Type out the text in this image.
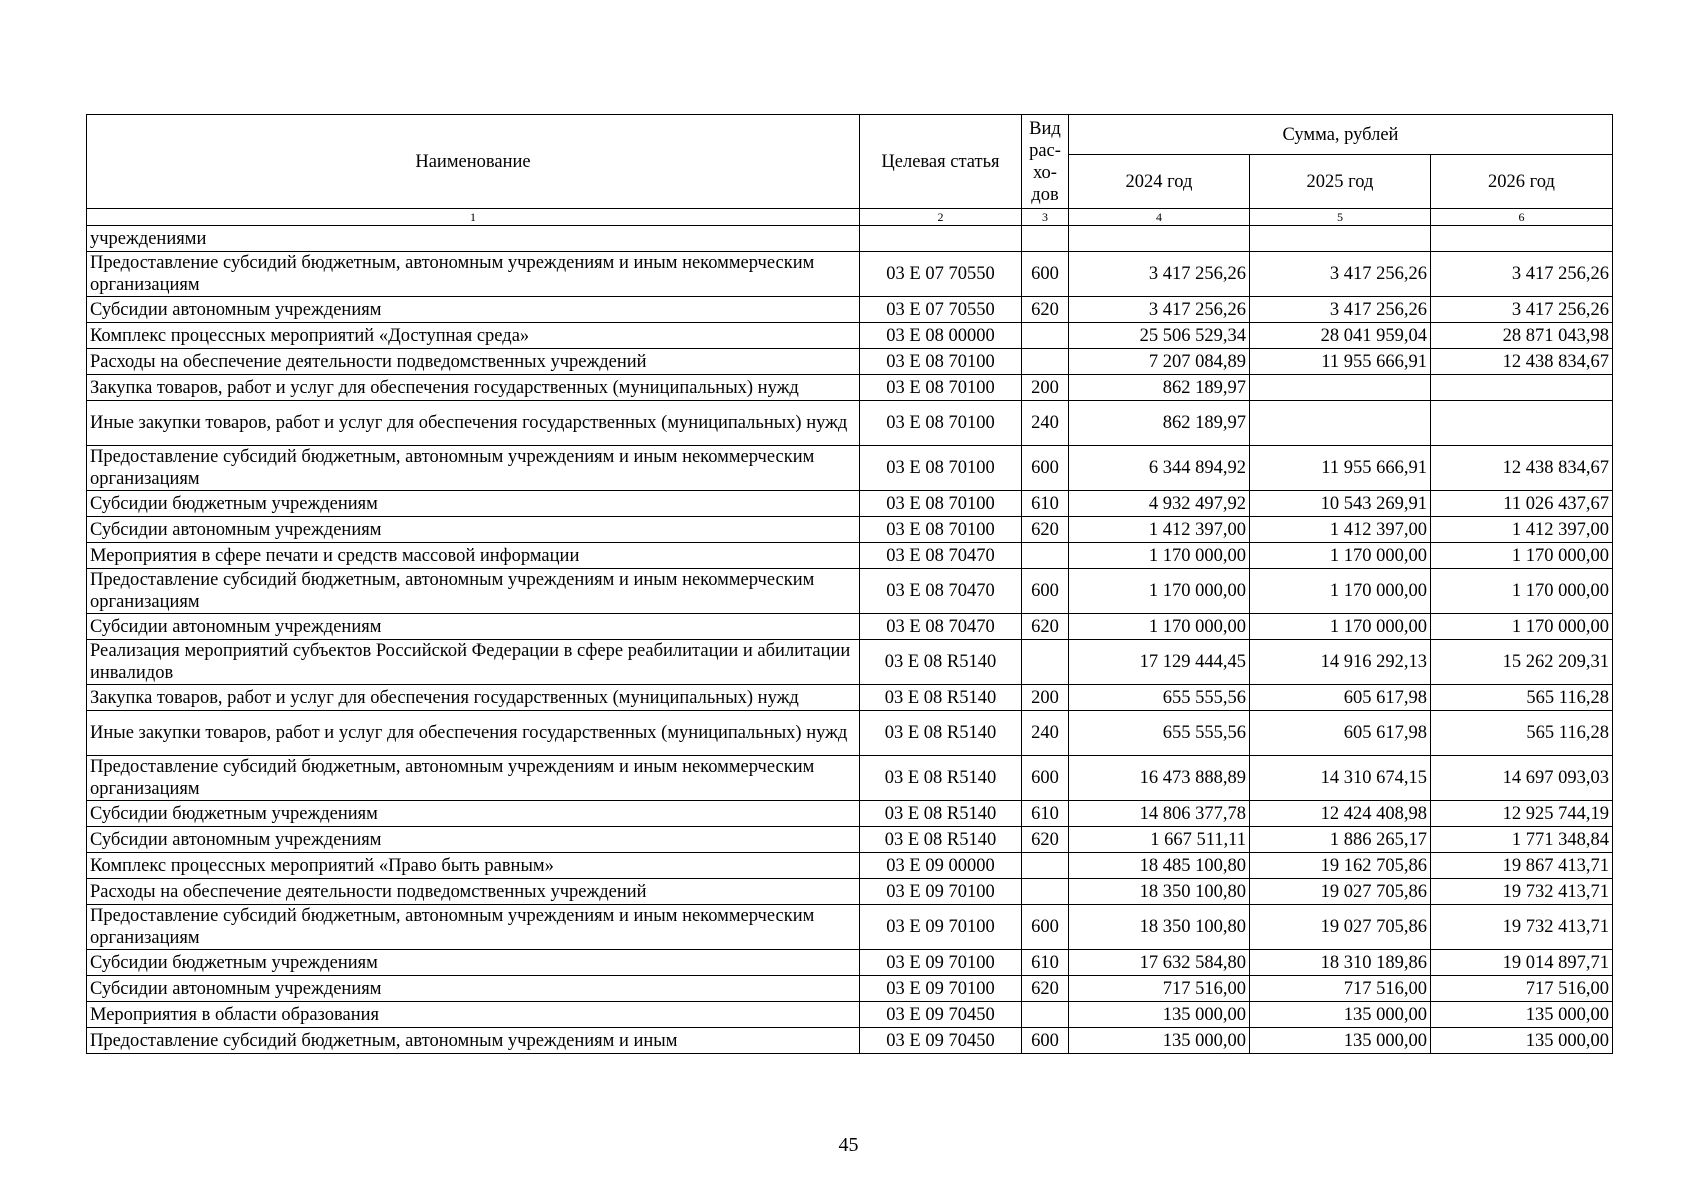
Наименование	Целевая статья	Вид рас-хо-дов	Сумма, рублей		
			2024 год	2025 год	2026 год
1	2	3	4	5	6
учреждениями					
Предоставление субсидий бюджетным, автономным учреждениям и иным некоммерческим организациям	03 Е 07 70550	600	3 417 256,26	3 417 256,26	3 417 256,26
Субсидии автономным учреждениям	03 Е 07 70550	620	3 417 256,26	3 417 256,26	3 417 256,26
Комплекс процессных мероприятий «Доступная среда»	03 Е 08 00000		25 506 529,34	28 041 959,04	28 871 043,98
Расходы на обеспечение деятельности подведомственных учреждений	03 Е 08 70100		7 207 084,89	11 955 666,91	12 438 834,67
Закупка товаров, работ и услуг для обеспечения государственных (муниципальных) нужд	03 Е 08 70100	200	862 189,97		
Иные закупки товаров, работ и услуг для обеспечения государственных (муниципальных) нужд	03 Е 08 70100	240	862 189,97		
Предоставление субсидий бюджетным, автономным учреждениям и иным некоммерческим организациям	03 Е 08 70100	600	6 344 894,92	11 955 666,91	12 438 834,67
Субсидии бюджетным учреждениям	03 Е 08 70100	610	4 932 497,92	10 543 269,91	11 026 437,67
Субсидии автономным учреждениям	03 Е 08 70100	620	1 412 397,00	1 412 397,00	1 412 397,00
Мероприятия в сфере печати и средств массовой информации	03 Е 08 70470		1 170 000,00	1 170 000,00	1 170 000,00
Предоставление субсидий бюджетным, автономным учреждениям и иным некоммерческим организациям	03 Е 08 70470	600	1 170 000,00	1 170 000,00	1 170 000,00
Субсидии автономным учреждениям	03 Е 08 70470	620	1 170 000,00	1 170 000,00	1 170 000,00
Реализация мероприятий субъектов Российской Федерации в сфере реабилитации и абилитации инвалидов	03 Е 08 R5140		17 129 444,45	14 916 292,13	15 262 209,31
Закупка товаров, работ и услуг для обеспечения государственных (муниципальных) нужд	03 Е 08 R5140	200	655 555,56	605 617,98	565 116,28
Иные закупки товаров, работ и услуг для обеспечения государственных (муниципальных) нужд	03 Е 08 R5140	240	655 555,56	605 617,98	565 116,28
Предоставление субсидий бюджетным, автономным учреждениям и иным некоммерческим организациям	03 Е 08 R5140	600	16 473 888,89	14 310 674,15	14 697 093,03
Субсидии бюджетным учреждениям	03 Е 08 R5140	610	14 806 377,78	12 424 408,98	12 925 744,19
Субсидии автономным учреждениям	03 Е 08 R5140	620	1 667 511,11	1 886 265,17	1 771 348,84
Комплекс процессных мероприятий «Право быть равным»	03 Е 09 00000		18 485 100,80	19 162 705,86	19 867 413,71
Расходы на обеспечение деятельности подведомственных учреждений	03 Е 09 70100		18 350 100,80	19 027 705,86	19 732 413,71
Предоставление субсидий бюджетным, автономным учреждениям и иным некоммерческим организациям	03 Е 09 70100	600	18 350 100,80	19 027 705,86	19 732 413,71
Субсидии бюджетным учреждениям	03 Е 09 70100	610	17 632 584,80	18 310 189,86	19 014 897,71
Субсидии автономным учреждениям	03 Е 09 70100	620	717 516,00	717 516,00	717 516,00
Мероприятия в области образования	03 Е 09 70450		135 000,00	135 000,00	135 000,00
Предоставление субсидий бюджетным, автономным учреждениям и иным	03 Е 09 70450	600	135 000,00	135 000,00	135 000,00
45
